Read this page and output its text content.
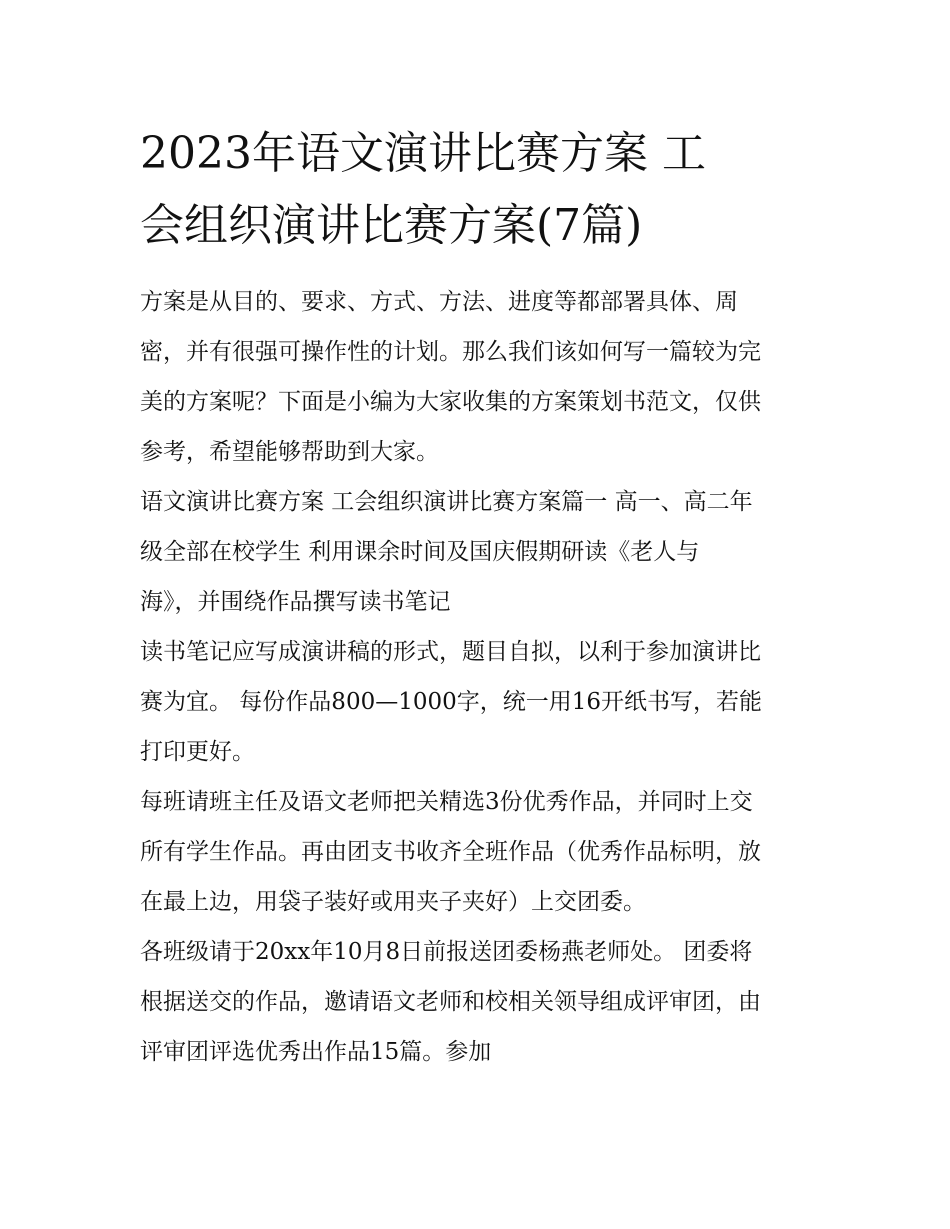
2023年语文演讲比赛方案 工
会组织演讲比赛方案(7篇)

方案是从目的、要求、方式、方法、进度等都部署具体、周
密，并有很强可操作性的计划。那么我们该如何写一篇较为完
美的方案呢？下面是小编为大家收集的方案策划书范文，仅供
参考，希望能够帮助到大家。

语文演讲比赛方案 工会组织演讲比赛方案篇一 高一、高二年
级全部在校学生 利用课余时间及国庆假期研读《老人与
海》，并围绕作品撰写读书笔记

读书笔记应写成演讲稿的形式，题目自拟，以利于参加演讲比
赛为宜。 每份作品800—1000字，统一用16开纸书写，若能
打印更好。

每班请班主任及语文老师把关精选3份优秀作品，并同时上交
所有学生作品。再由团支书收齐全班作品（优秀作品标明，放
在最上边，用袋子装好或用夹子夹好）上交团委。

各班级请于20xx年10月8日前报送团委杨燕老师处。 团委将
根据送交的作品，邀请语文老师和校相关领导组成评审团，由
评审团评选优秀出作品15篇。参加
